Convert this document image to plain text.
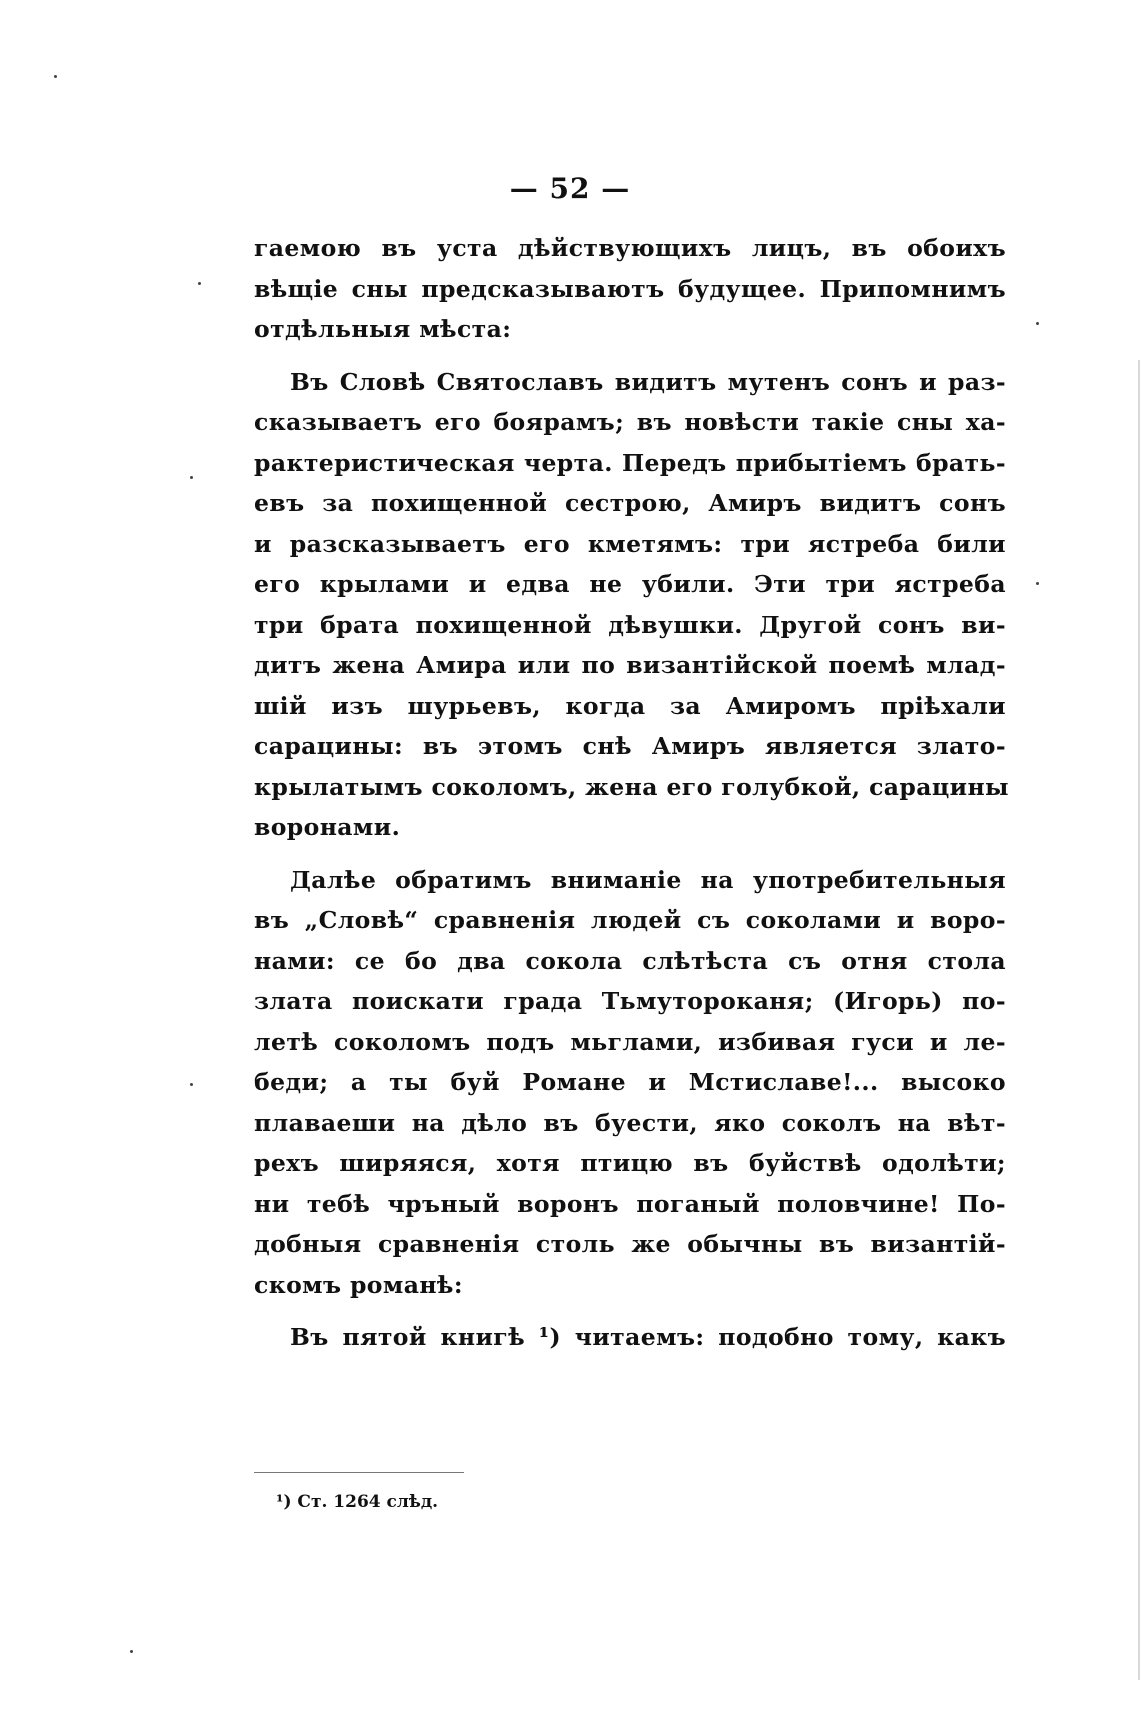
— 52 —
гаемою въ уста дѣйствующихъ лицъ, въ обоихъ
вѣщіе сны предсказываютъ будущее. Припомнимъ
отдѣльныя мѣста:
Въ Словѣ Святославъ видитъ мутенъ сонъ и раз-
сказываетъ его боярамъ; въ новѣсти такіе сны ха-
рактеристическая черта. Передъ прибытіемъ брать-
евъ за похищенной сестрою, Амиръ видитъ сонъ
и разсказываетъ его кметямъ: три ястреба били
его крылами и едва не убили. Эти три ястреба
три брата похищенной дѣвушки. Другой сонъ ви-
дитъ жена Амира или по византійской поемѣ млад-
шій изъ шурьевъ, когда за Амиромъ пріѣхали
сарацины: въ этомъ снѣ Амиръ является злато-
крылатымъ соколомъ, жена его голубкой, сарацины
воронами.
Далѣе обратимъ вниманіе на употребительныя
въ „Словѣ“ сравненія людей съ соколами и воро-
нами: се бо два сокола слѣтѣста съ отня стола
злата поискати града Тьмутороканя; (Игорь) по-
летѣ соколомъ подъ мьглами, избивая гуси и ле-
беди; а ты буй Романе и Мстиславе!... высоко
плаваеши на дѣло въ буести, яко соколъ на вѣт-
рехъ ширяяся, хотя птицю въ буйствѣ одолѣти;
ни тебѣ чръный воронъ поганый половчине! По-
добныя сравненія столь же обычны въ византій-
скомъ романѣ:
Въ пятой книгѣ ¹) читаемъ: подобно тому, какъ
¹) Ст. 1264 слѣд.
